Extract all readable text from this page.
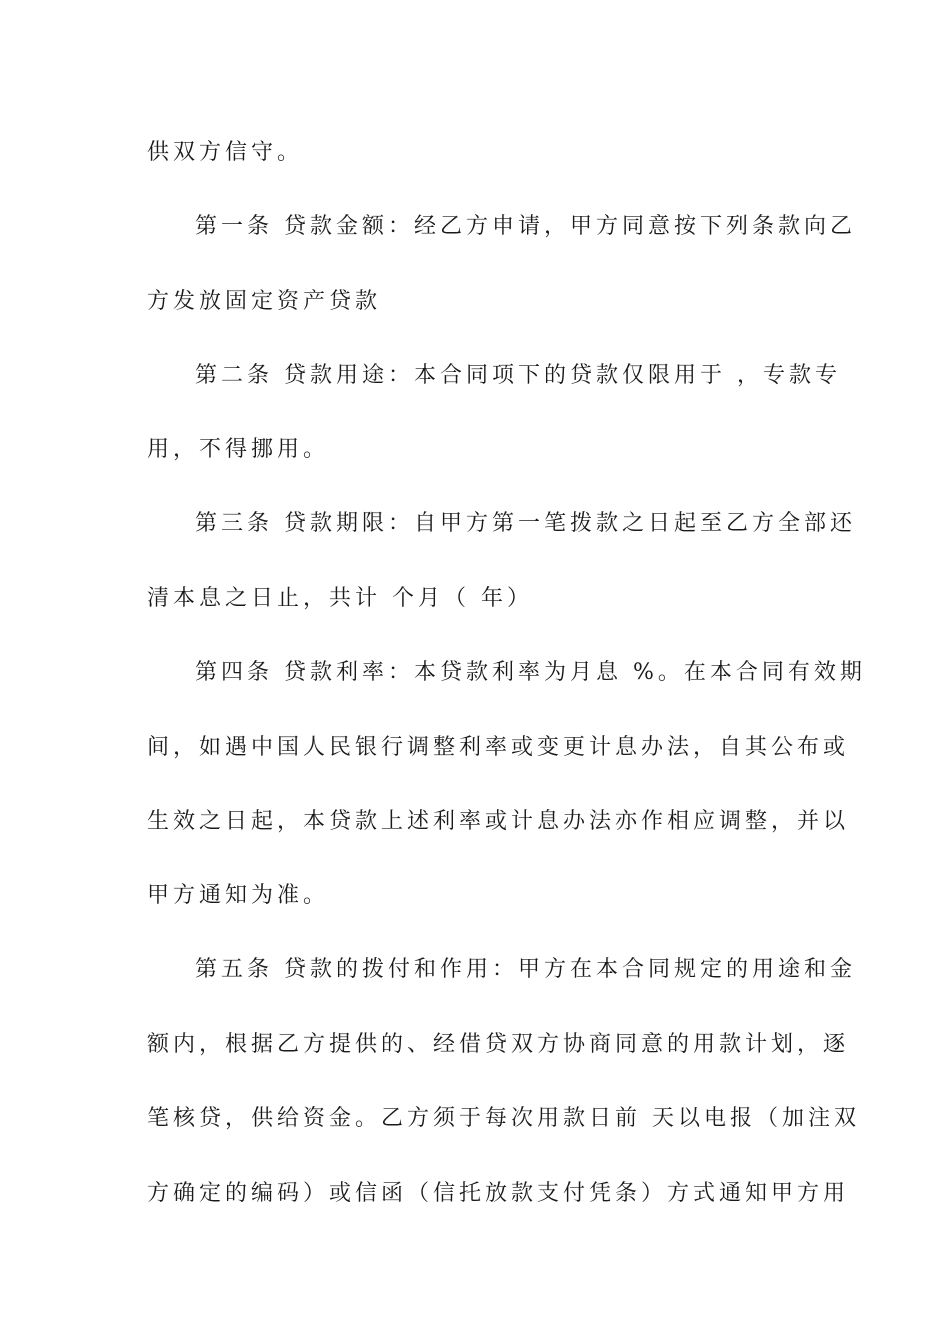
供双方信守。
第一条 贷款金额：经乙方申请，甲方同意按下列条款向乙
方发放固定资产贷款
第二条 贷款用途：本合同项下的贷款仅限用于 ，专款专
用，不得挪用。
第三条 贷款期限：自甲方第一笔拨款之日起至乙方全部还
清本息之日止，共计 个月（ 年）
第四条 贷款利率：本贷款利率为月息 %。在本合同有效期
间，如遇中国人民银行调整利率或变更计息办法，自其公布或
生效之日起，本贷款上述利率或计息办法亦作相应调整，并以
甲方通知为准。
第五条 贷款的拨付和作用：甲方在本合同规定的用途和金
额内，根据乙方提供的、经借贷双方协商同意的用款计划，逐
笔核贷，供给资金。乙方须于每次用款日前 天以电报（加注双
方确定的编码）或信函（信托放款支付凭条）方式通知甲方用
